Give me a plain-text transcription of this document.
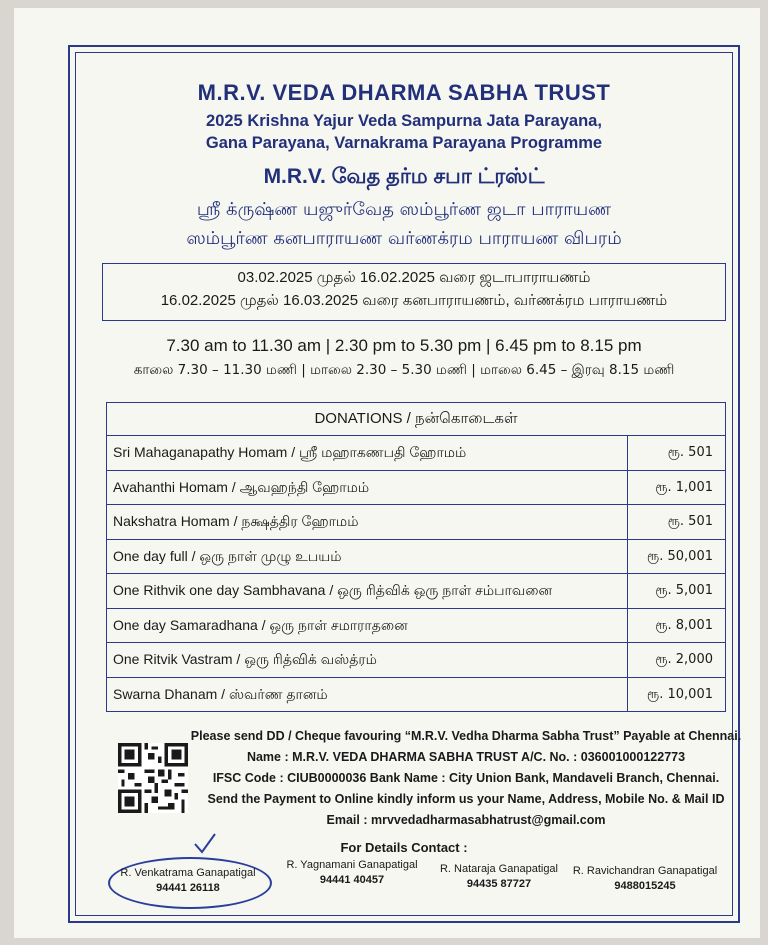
M.R.V. VEDA DHARMA SABHA TRUST
2025 Krishna Yajur Veda Sampurna Jata Parayana,
Gana Parayana, Varnakrama Parayana Programme
M.R.V. வேத தர்ம சபா ட்ரஸ்ட்
ஸ்ரீ க்ருஷ்ண யஜுர்வேத ஸம்பூர்ண ஜடா பாராயண
ஸம்பூர்ண கனபாராயண வர்ணக்ரம பாராயண விபரம்
03.02.2025 முதல் 16.02.2025 வரை ஜடாபாராயணம்
16.02.2025 முதல் 16.03.2025 வரை கனபாராயணம், வர்ணக்ரம பாராயணம்
7.30 am to 11.30 am | 2.30 pm to 5.30 pm | 6.45 pm to 8.15 pm
காலை 7.30 – 11.30 மணி | மாலை 2.30 – 5.30 மணி | மாலை 6.45 – இரவு 8.15 மணி
DONATIONS / நன்கொடைகள்
Sri Mahaganapathy Homam / ஸ்ரீ மஹாகணபதி ஹோமம்	ரூ. 501
Avahanthi Homam / ஆவஹந்தி ஹோமம்	ரூ. 1,001
Nakshatra Homam / நக்ஷத்திர ஹோமம்	ரூ. 501
One day full / ஒரு நாள் முழு உபயம்	ரூ. 50,001
One Rithvik one day Sambhavana / ஒரு ரித்விக் ஒரு நாள் சம்பாவனை	ரூ. 5,001
One day Samaradhana / ஒரு நாள் சமாராதனை	ரூ. 8,001
One Ritvik Vastram / ஒரு ரித்விக் வஸ்த்ரம்	ரூ. 2,000
Swarna Dhanam / ஸ்வர்ண தானம்	ரூ. 10,001
Please send DD / Cheque favouring “M.R.V. Vedha Dharma Sabha Trust” Payable at Chennai.
Name : M.R.V. VEDA DHARMA SABHA TRUST A/C. No. : 036001000122773
IFSC Code : CIUB0000036 Bank Name : City Union Bank, Mandaveli Branch, Chennai.
Send the Payment to Online kindly inform us your Name, Address, Mobile No. & Mail ID
Email : mrvvedadharmasabhatrust@gmail.com
For Details Contact :
R. Venkatrama Ganapatigal
94441 26118
R. Yagnamani Ganapatigal
94441 40457
R. Nataraja Ganapatigal
94435 87727
R. Ravichandran Ganapatigal
9488015245
